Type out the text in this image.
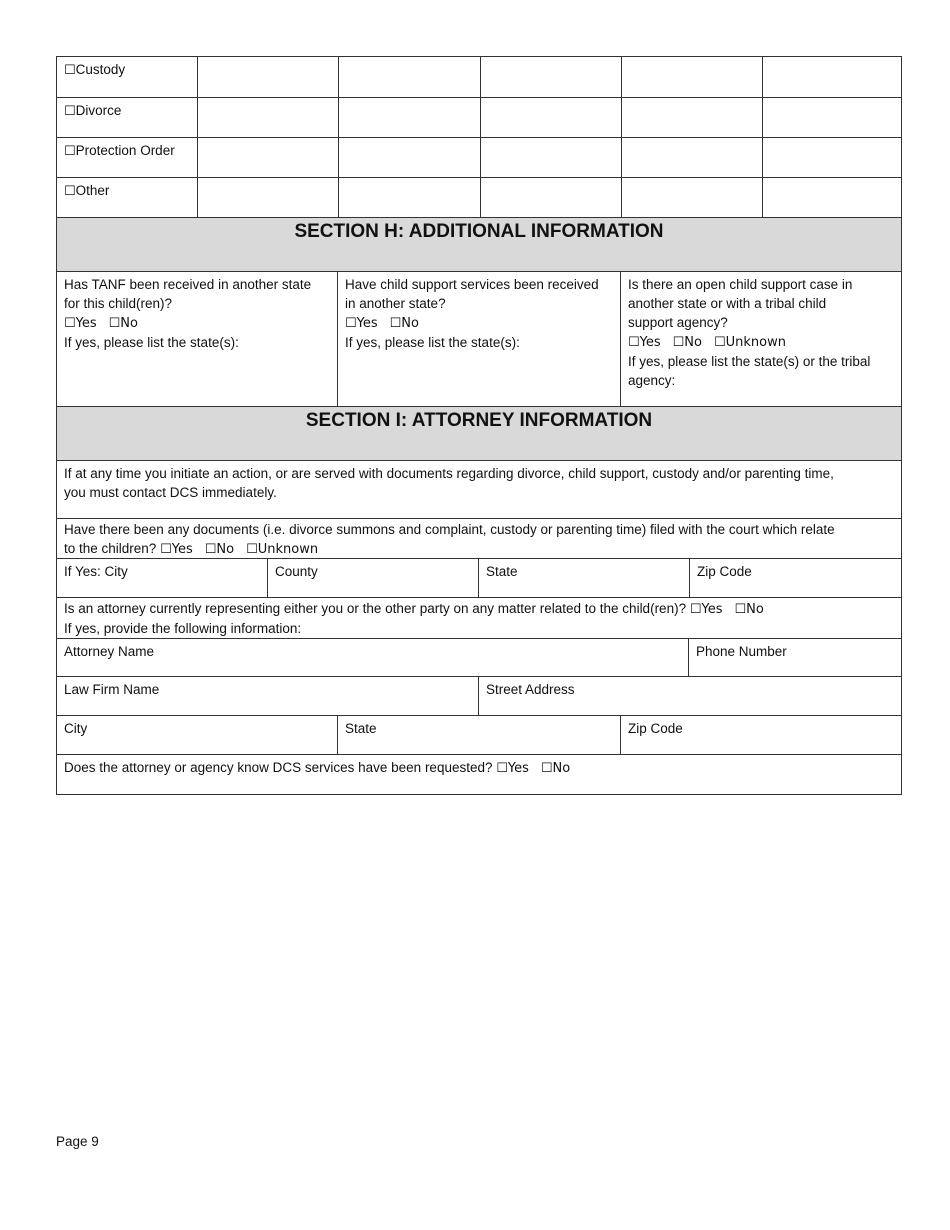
☐Custody
☐Divorce
☐Protection Order
☐Other
SECTION H: ADDITIONAL INFORMATION
Has TANF been received in another state
for this child(ren)?
☐Yes ☐No
If yes, please list the state(s):
Have child support services been received
in another state?
☐Yes ☐No
If yes, please list the state(s):
Is there an open child support case in
another state or with a tribal child
support agency?
☐Yes ☐No ☐Unknown
If yes, please list the state(s) or the tribal
agency:
SECTION I: ATTORNEY INFORMATION
If at any time you initiate an action, or are served with documents regarding divorce, child support, custody and/or parenting time,
you must contact DCS immediately.
Have there been any documents (i.e. divorce summons and complaint, custody or parenting time) filed with the court which relate
to the children? ☐Yes ☐No ☐Unknown
If Yes: City	County	State	Zip Code
Is an attorney currently representing either you or the other party on any matter related to the child(ren)? ☐Yes ☐No
If yes, provide the following information:
Attorney Name	Phone Number
Law Firm Name	Street Address
City	State	Zip Code
Does the attorney or agency know DCS services have been requested? ☐Yes ☐No
Page 9
